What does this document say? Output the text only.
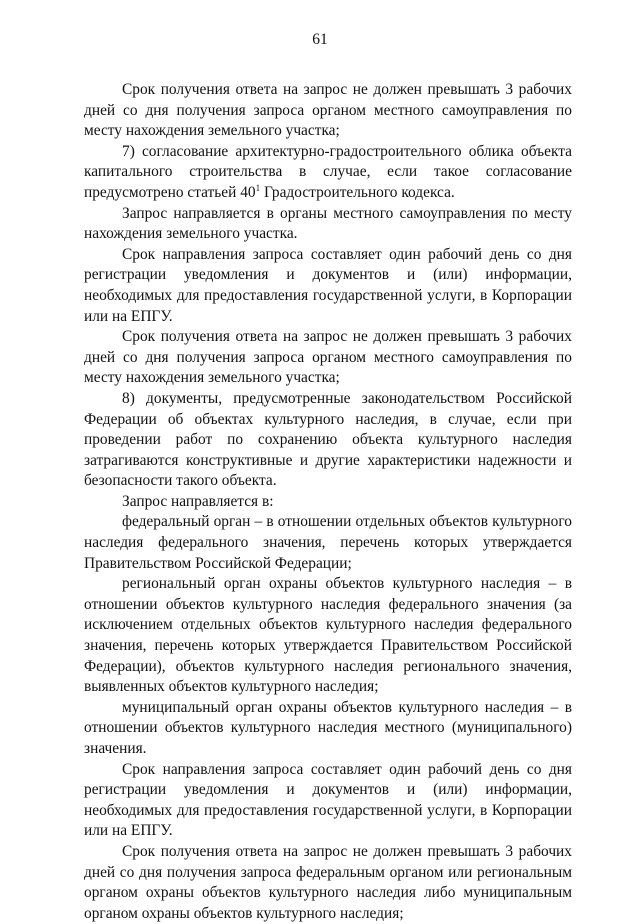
61

Срок получения ответа на запрос не должен превышать 3 рабочих дней со дня получения запроса органом местного самоуправления по месту нахождения земельного участка;

7) согласование архитектурно-градостроительного облика объекта капитального строительства в случае, если такое согласование предусмотрено статьей $40^1$ Градостроительного кодекса.

Запрос направляется в органы местного самоуправления по месту нахождения земельного участка.

Срок направления запроса составляет один рабочий день со дня регистрации уведомления и документов и (или) информации, необходимых для предоставления государственной услуги, в Корпорации или на ЕПГУ.

Срок получения ответа на запрос не должен превышать 3 рабочих дней со дня получения запроса органом местного самоуправления по месту нахождения земельного участка;

8) документы, предусмотренные законодательством Российской Федерации об объектах культурного наследия, в случае, если при проведении работ по сохранению объекта культурного наследия затрагиваются конструктивные и другие характеристики надежности и безопасности такого объекта.

Запрос направляется в:

федеральный орган – в отношении отдельных объектов культурного наследия федерального значения, перечень которых утверждается Правительством Российской Федерации;

региональный орган охраны объектов культурного наследия – в отношении объектов культурного наследия федерального значения (за исключением отдельных объектов культурного наследия федерального значения, перечень которых утверждается Правительством Российской Федерации), объектов культурного наследия регионального значения, выявленных объектов культурного наследия;

муниципальный орган охраны объектов культурного наследия – в отношении объектов культурного наследия местного (муниципального) значения.

Срок направления запроса составляет один рабочий день со дня регистрации уведомления и документов и (или) информации, необходимых для предоставления государственной услуги, в Корпорации или на ЕПГУ.

Срок получения ответа на запрос не должен превышать 3 рабочих дней со дня получения запроса федеральным органом или региональным органом охраны объектов культурного наследия либо муниципальным органом охраны объектов культурного наследия;
